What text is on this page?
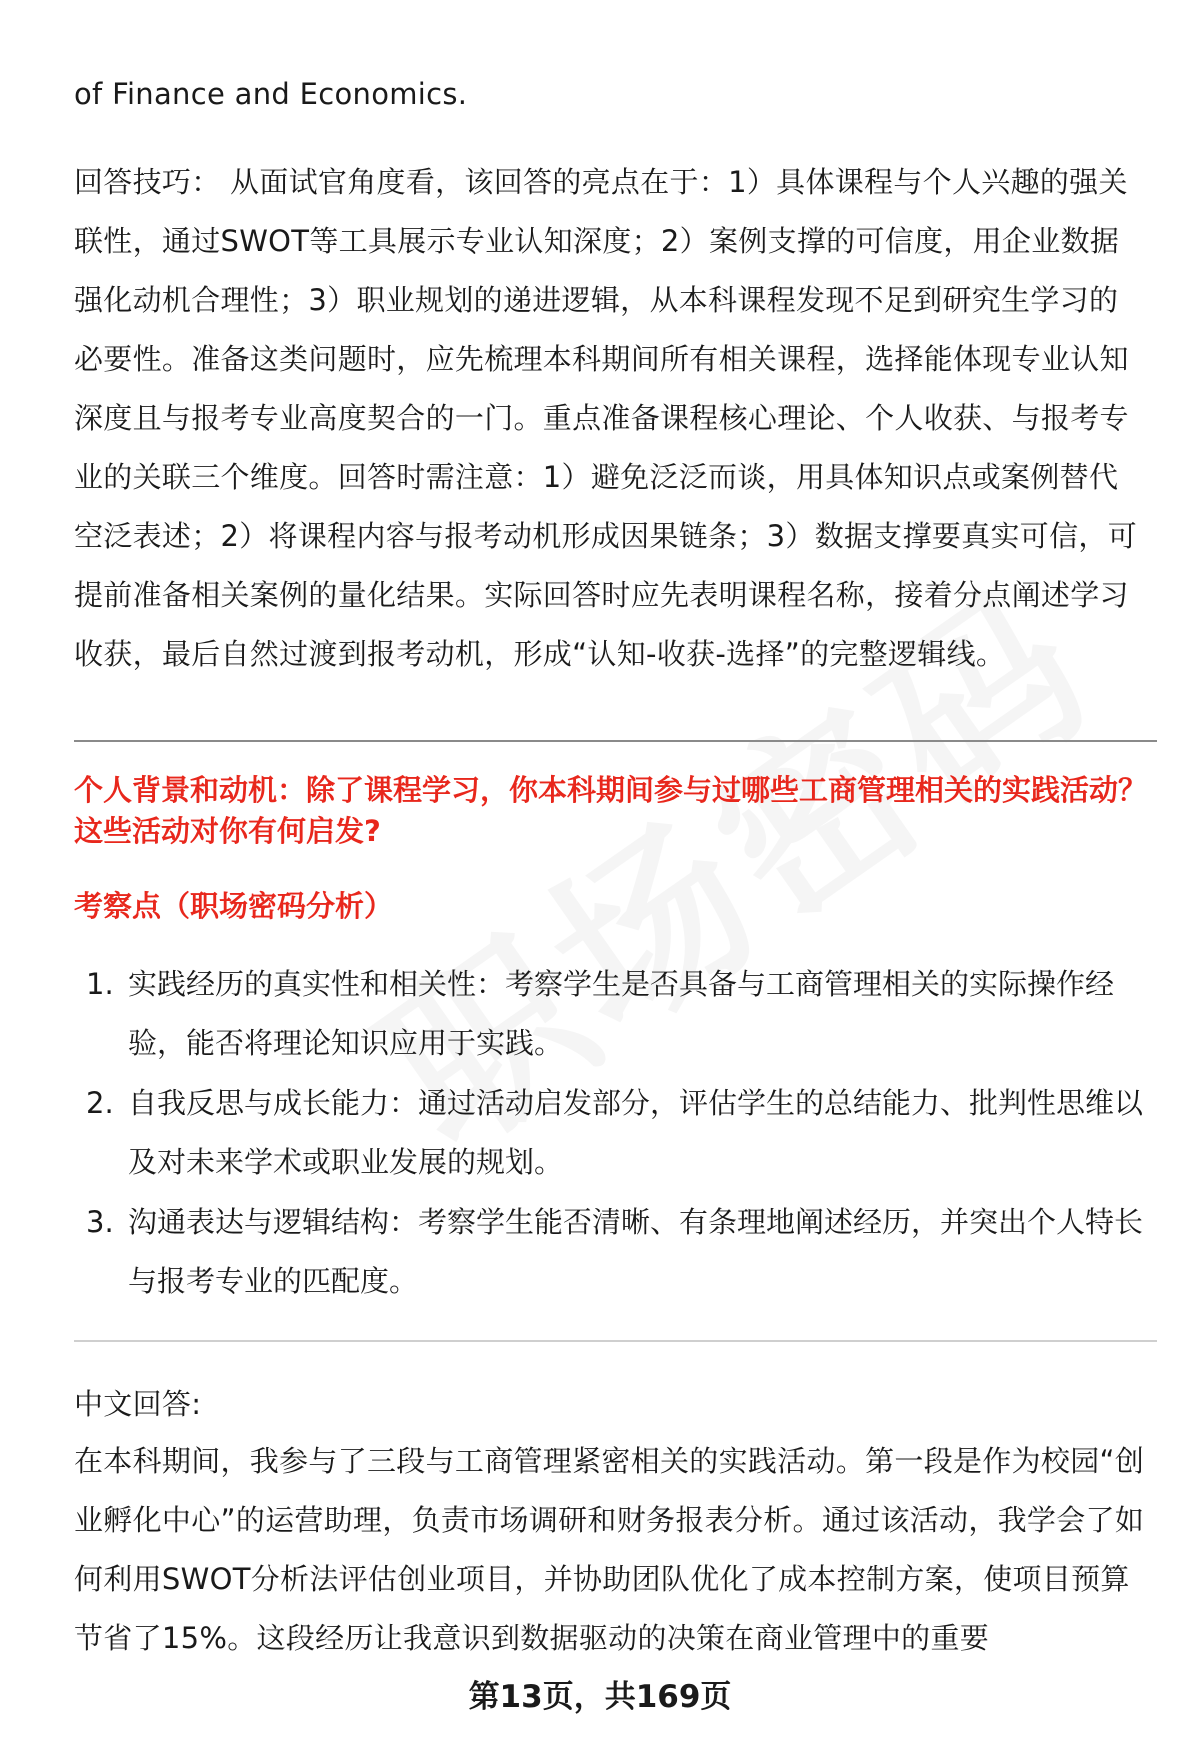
of Finance and Economics.
回答技巧： 从面试官角度看，该回答的亮点在于：1）具体课程与个人兴趣的强关联性，通过SWOT等工具展示专业认知深度；2）案例支撑的可信度，用企业数据强化动机合理性；3）职业规划的递进逻辑，从本科课程发现不足到研究生学习的必要性。准备这类问题时，应先梳理本科期间所有相关课程，选择能体现专业认知深度且与报考专业高度契合的一门。重点准备课程核心理论、个人收获、与报考专业的关联三个维度。回答时需注意：1）避免泛泛而谈，用具体知识点或案例替代空泛表述；2）将课程内容与报考动机形成因果链条；3）数据支撑要真实可信，可提前准备相关案例的量化结果。实际回答时应先表明课程名称，接着分点阐述学习收获，最后自然过渡到报考动机，形成“认知-收获-选择”的完整逻辑线。
个人背景和动机：除了课程学习，你本科期间参与过哪些工商管理相关的实践活动？这些活动对你有何启发?
考察点（职场密码分析）
1. 实践经历的真实性和相关性：考察学生是否具备与工商管理相关的实际操作经验，能否将理论知识应用于实践。
2. 自我反思与成长能力：通过活动启发部分，评估学生的总结能力、批判性思维以及对未来学术或职业发展的规划。
3. 沟通表达与逻辑结构：考察学生能否清晰、有条理地阐述经历，并突出个人特长与报考专业的匹配度。
中文回答:
在本科期间，我参与了三段与工商管理紧密相关的实践活动。第一段是作为校园“创业孵化中心”的运营助理，负责市场调研和财务报表分析。通过该活动，我学会了如何利用SWOT分析法评估创业项目，并协助团队优化了成本控制方案，使项目预算节省了15%。这段经历让我意识到数据驱动的决策在商业管理中的重要
第13页，共169页
